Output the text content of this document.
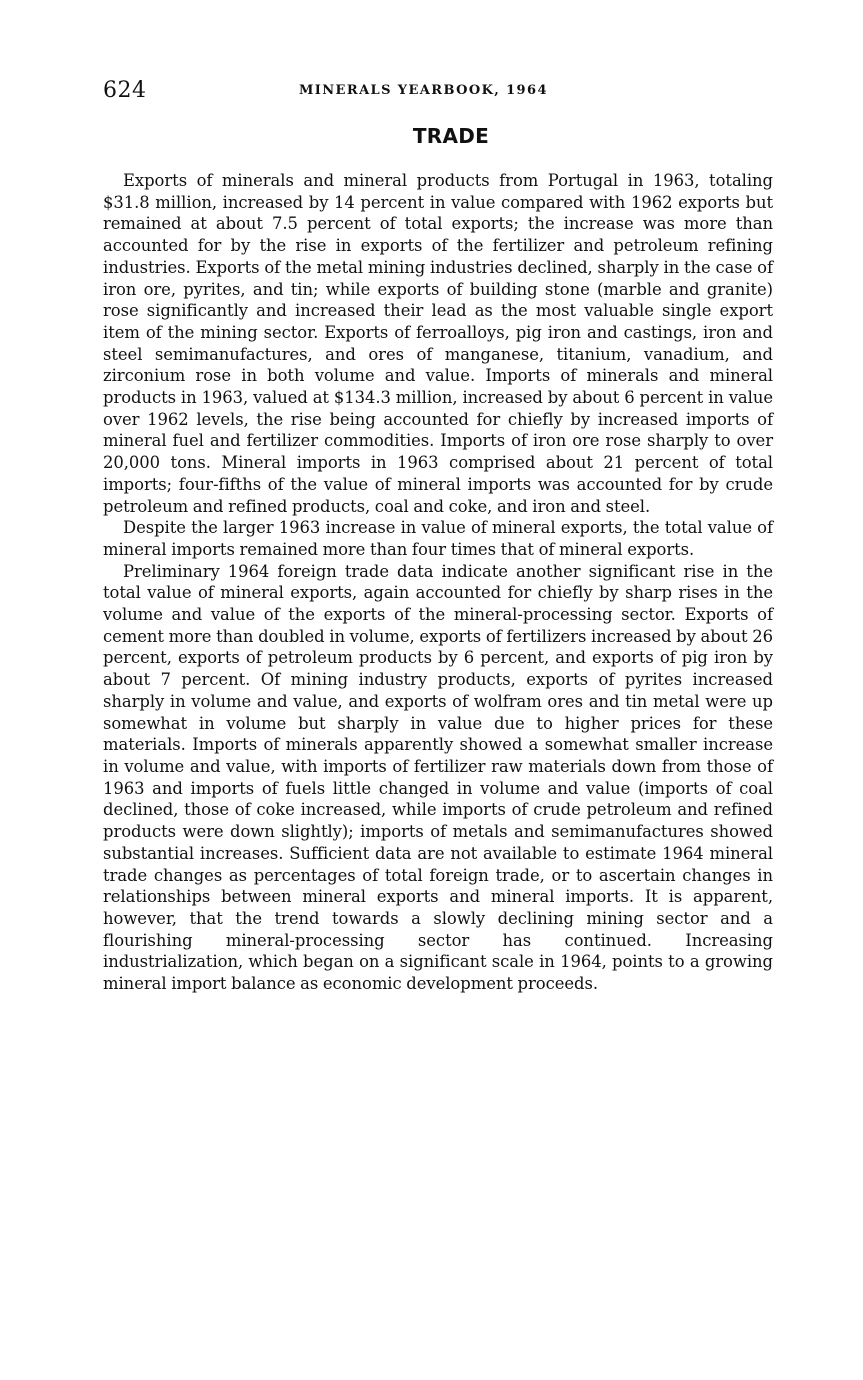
624	MINERALS YEARBOOK, 1964
TRADE

Exports of minerals and mineral products from Portugal in 1963, totaling $31.8 million, increased by 14 percent in value compared with 1962 exports but remained at about 7.5 percent of total exports; the increase was more than accounted for by the rise in exports of the fertilizer and petroleum refining industries. Exports of the metal mining industries declined, sharply in the case of iron ore, pyrites, and tin; while exports of building stone (marble and granite) rose significantly and increased their lead as the most valuable single export item of the mining sector. Exports of ferroalloys, pig iron and castings, iron and steel semimanufactures, and ores of manganese, titanium, vanadium, and zirconium rose in both volume and value. Imports of minerals and mineral products in 1963, valued at $134.3 million, increased by about 6 percent in value over 1962 levels, the rise being accounted for chiefly by increased imports of mineral fuel and fertilizer commodities. Imports of iron ore rose sharply to over 20,000 tons. Mineral imports in 1963 comprised about 21 percent of total imports; four-fifths of the value of mineral imports was accounted for by crude petroleum and refined products, coal and coke, and iron and steel.

Despite the larger 1963 increase in value of mineral exports, the total value of mineral imports remained more than four times that of mineral exports.

Preliminary 1964 foreign trade data indicate another significant rise in the total value of mineral exports, again accounted for chiefly by sharp rises in the volume and value of the exports of the mineral-processing sector. Exports of cement more than doubled in volume, exports of fertilizers increased by about 26 percent, exports of petroleum products by 6 percent, and exports of pig iron by about 7 percent. Of mining industry products, exports of pyrites increased sharply in volume and value, and exports of wolfram ores and tin metal were up somewhat in volume but sharply in value due to higher prices for these materials. Imports of minerals apparently showed a somewhat smaller increase in volume and value, with imports of fertilizer raw materials down from those of 1963 and imports of fuels little changed in volume and value (imports of coal declined, those of coke increased, while imports of crude petroleum and refined products were down slightly); imports of metals and semimanufactures showed substantial increases. Sufficient data are not available to estimate 1964 mineral trade changes as percentages of total foreign trade, or to ascertain changes in relationships between mineral exports and mineral imports. It is apparent, however, that the trend towards a slowly declining mining sector and a flourishing mineral-processing sector has continued. Increasing industrialization, which began on a significant scale in 1964, points to a growing mineral import balance as economic development proceeds.
